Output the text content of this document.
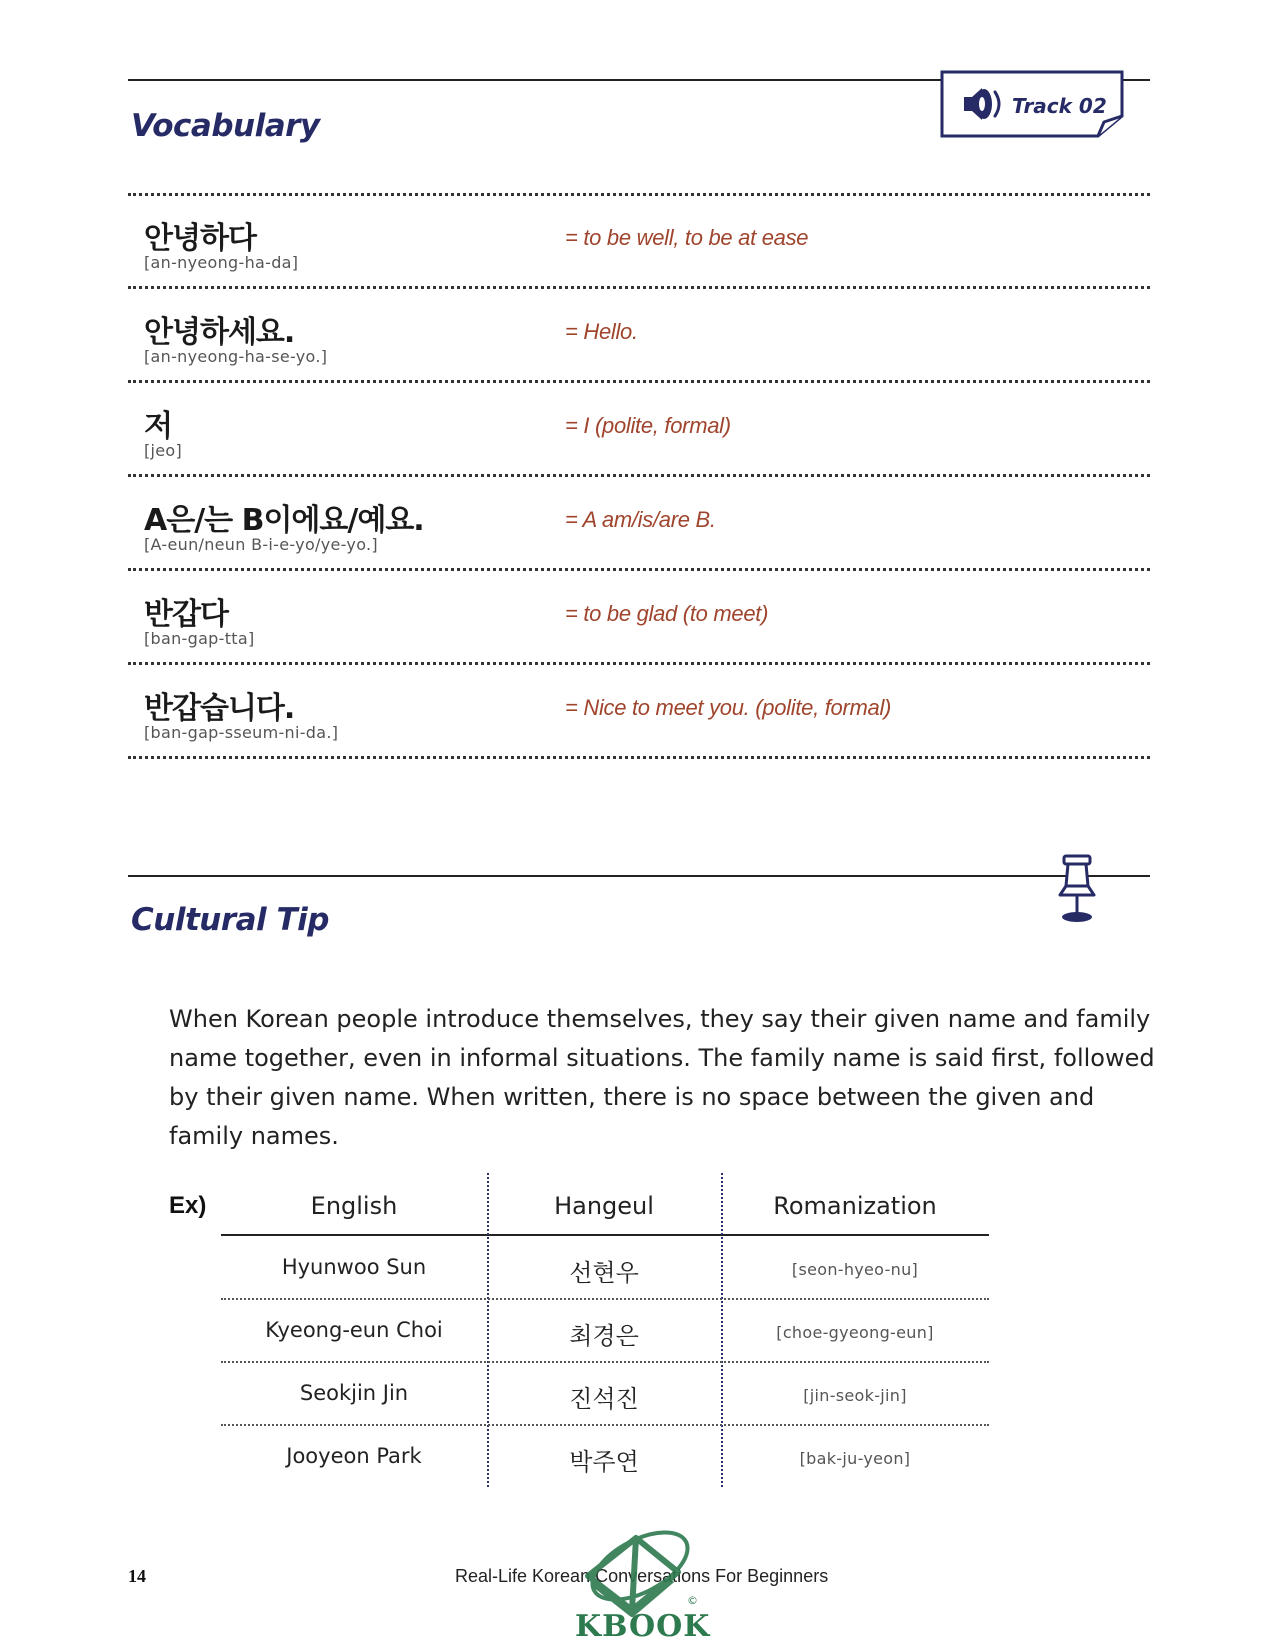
Vocabulary
Track 02
안녕하다
[an-nyeong-ha-da]
= to be well, to be at ease
안녕하세요.
[an-nyeong-ha-se-yo.]
= Hello.
저
[jeo]
= I (polite, formal)
A은/는 B이에요/예요.
[A-eun/neun B-i-e-yo/ye-yo.]
= A am/is/are B.
반갑다
[ban-gap-tta]
= to be glad (to meet)
반갑습니다.
[ban-gap-sseum-ni-da.]
= Nice to meet you. (polite, formal)
Cultural Tip

When Korean people introduce themselves, they say their given name and family name together, even in informal situations. The family name is said first, followed by their given name. When written, there is no space between the given and family names.

Ex)	English	Hangeul	Romanization
Hyunwoo Sun	선현우	[seon-hyeo-nu]
Kyeong-eun Choi	최경은	[choe-gyeong-eun]
Seokjin Jin	진석진	[jin-seok-jin]
Jooyeon Park	박주연	[bak-ju-yeon]
14	Real-Life Korean Conversations For Beginners
KBOOK
©
